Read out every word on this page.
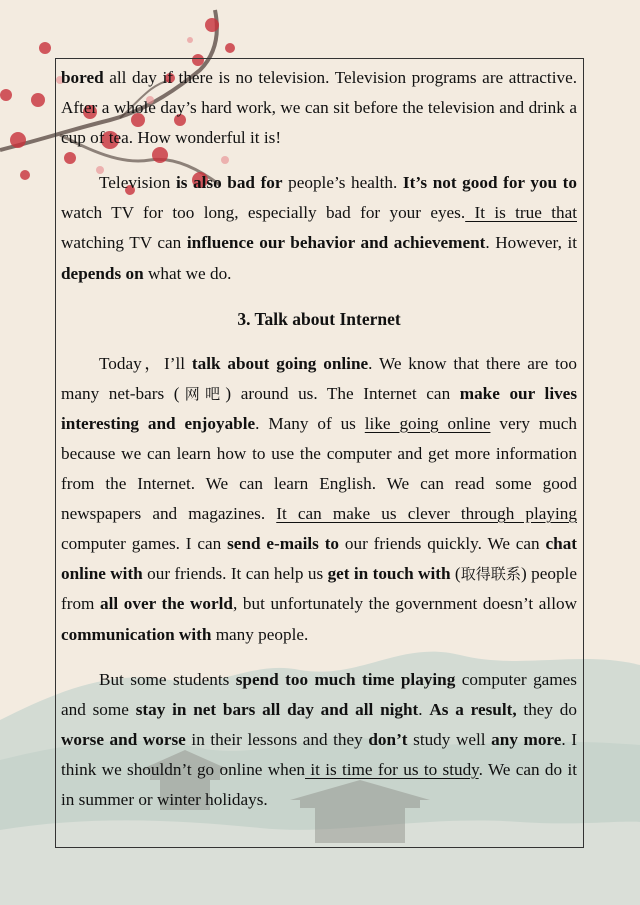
bored all day if there is no television. Television programs are attractive. After a whole day’s hard work, we can sit before the television and drink a cup of tea. How wonderful it is!

Television is also bad for people’s health. It’s not good for you to watch TV for too long, especially bad for your eyes. It is true that watching TV can influence our behavior and achievement. However, it depends on what we do.

3. Talk about Internet

Today，I’ll talk about going online. We know that there are too many net-bars (网吧) around us. The Internet can make our lives interesting and enjoyable. Many of us like going online very much because we can learn how to use the computer and get more information from the Internet. We can learn English. We can read some good newspapers and magazines. It can make us clever through playing computer games. I can send e-mails to our friends quickly. We can chat online with our friends. It can help us get in touch with (取得联系) people from all over the world, but unfortunately the government doesn’t allow communication with many people.

But some students spend too much time playing computer games and some stay in net bars all day and all night. As a result, they do worse and worse in their lessons and they don’t study well any more. I think we shouldn’t go online when it is time for us to study. We can do it in summer or winter holidays.
